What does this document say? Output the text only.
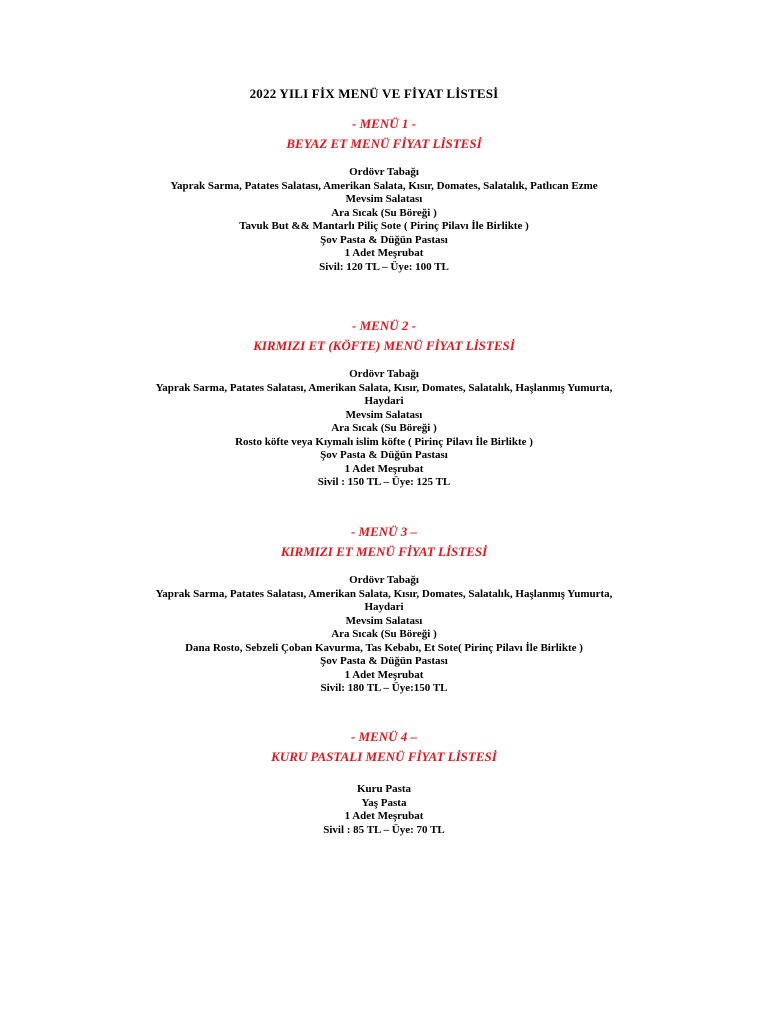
2022 YILI FİX MENÜ VE FİYAT LİSTESİ
- MENÜ 1 -
BEYAZ ET MENÜ FİYAT LİSTESİ
Ordövr Tabağı
Yaprak Sarma, Patates Salatası, Amerikan Salata, Kısır, Domates, Salatalık, Patlıcan Ezme
Mevsim Salatası
Ara Sıcak (Su Böreği )
Tavuk But && Mantarlı Piliç Sote ( Pirinç Pilavı İle Birlikte )
Şov Pasta & Düğün Pastası
1 Adet Meşrubat
Sivil: 120 TL – Üye: 100 TL
- MENÜ 2 -
KIRMIZI ET (KÖFTE) MENÜ FİYAT LİSTESİ
Ordövr Tabağı
Yaprak Sarma, Patates Salatası, Amerikan Salata, Kısır, Domates, Salatalık, Haşlanmış Yumurta,
Haydari
Mevsim Salatası
Ara Sıcak (Su Böreği )
Rosto köfte veya Kıymalı islim köfte ( Pirinç Pilavı İle Birlikte )
Şov Pasta & Düğün Pastası
1 Adet Meşrubat
Sivil : 150 TL – Üye: 125 TL
- MENÜ 3 –
KIRMIZI ET MENÜ FİYAT LİSTESİ
Ordövr Tabağı
Yaprak Sarma, Patates Salatası, Amerikan Salata, Kısır, Domates, Salatalık, Haşlanmış Yumurta,
Haydari
Mevsim Salatası
Ara Sıcak (Su Böreği )
Dana Rosto, Sebzeli Çoban Kavurma, Tas Kebabı, Et Sote( Pirinç Pilavı İle Birlikte )
Şov Pasta & Düğün Pastası
1 Adet Meşrubat
Sivil: 180 TL – Üye:150 TL
- MENÜ 4 –
KURU PASTALI MENÜ FİYAT LİSTESİ
Kuru Pasta
Yaş Pasta
1 Adet Meşrubat
Sivil : 85 TL – Üye: 70 TL
